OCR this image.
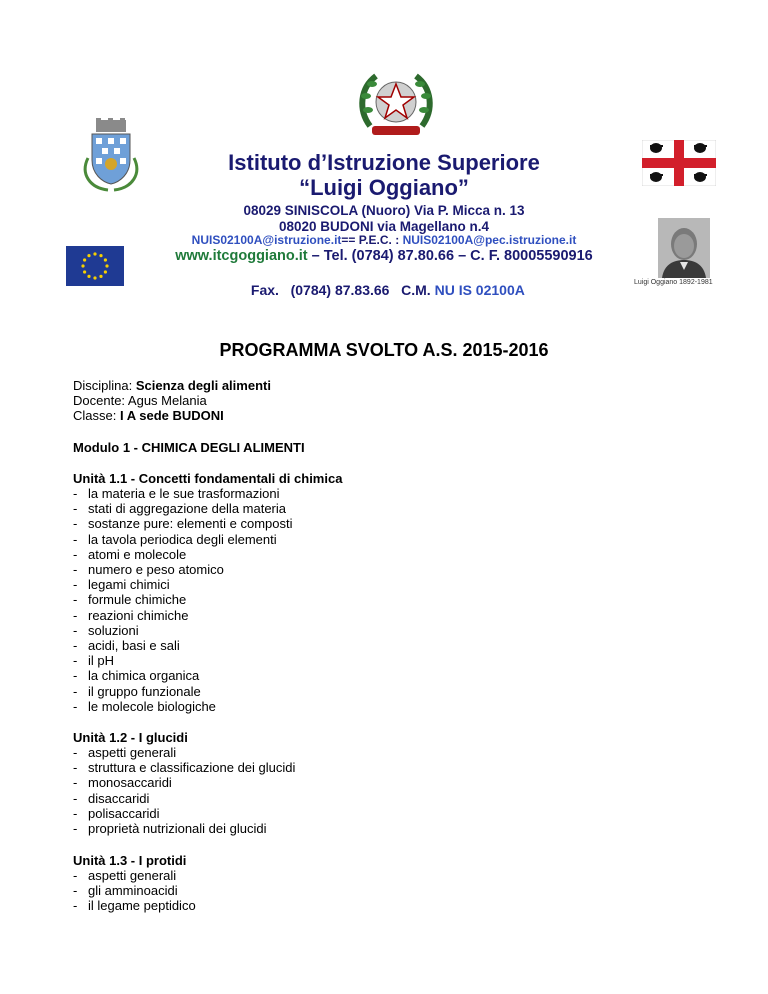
Luigi Oggiano 1892-1981
Istituto d’Istruzione Superiore
“Luigi Oggiano”
08029 SINISCOLA (Nuoro) Via P. Micca n. 13
08020 BUDONI via Magellano n.4
NUIS02100A@istruzione.it== P.E.C. : NUIS02100A@pec.istruzione.it
www.itcgoggiano.it – Tel. (0784) 87.80.66 – C. F. 80005590916

Fax.   (0784) 87.83.66   C.M. NU IS 02100A

PROGRAMMA SVOLTO A.S. 2015-2016
Disciplina: Scienza degli alimenti
Docente: Agus Melania
Classe: I A sede BUDONI
Modulo 1 - CHIMICA DEGLI ALIMENTI
Unità 1.1 - Concetti fondamentali di chimica
- la materia e le sue trasformazioni
- stati di aggregazione della materia
- sostanze pure: elementi e composti
- la tavola periodica degli elementi
- atomi e molecole
- numero e peso atomico
- legami chimici
- formule chimiche
- reazioni chimiche
- soluzioni
- acidi, basi e sali
- il pH
- la chimica organica
- il gruppo funzionale
- le molecole biologiche
Unità 1.2 - I glucidi
- aspetti generali
- struttura e classificazione dei glucidi
- monosaccaridi
- disaccaridi
- polisaccaridi
- proprietà nutrizionali dei glucidi
Unità 1.3 - I protidi
- aspetti generali
- gli amminoacidi
- il legame peptidico
